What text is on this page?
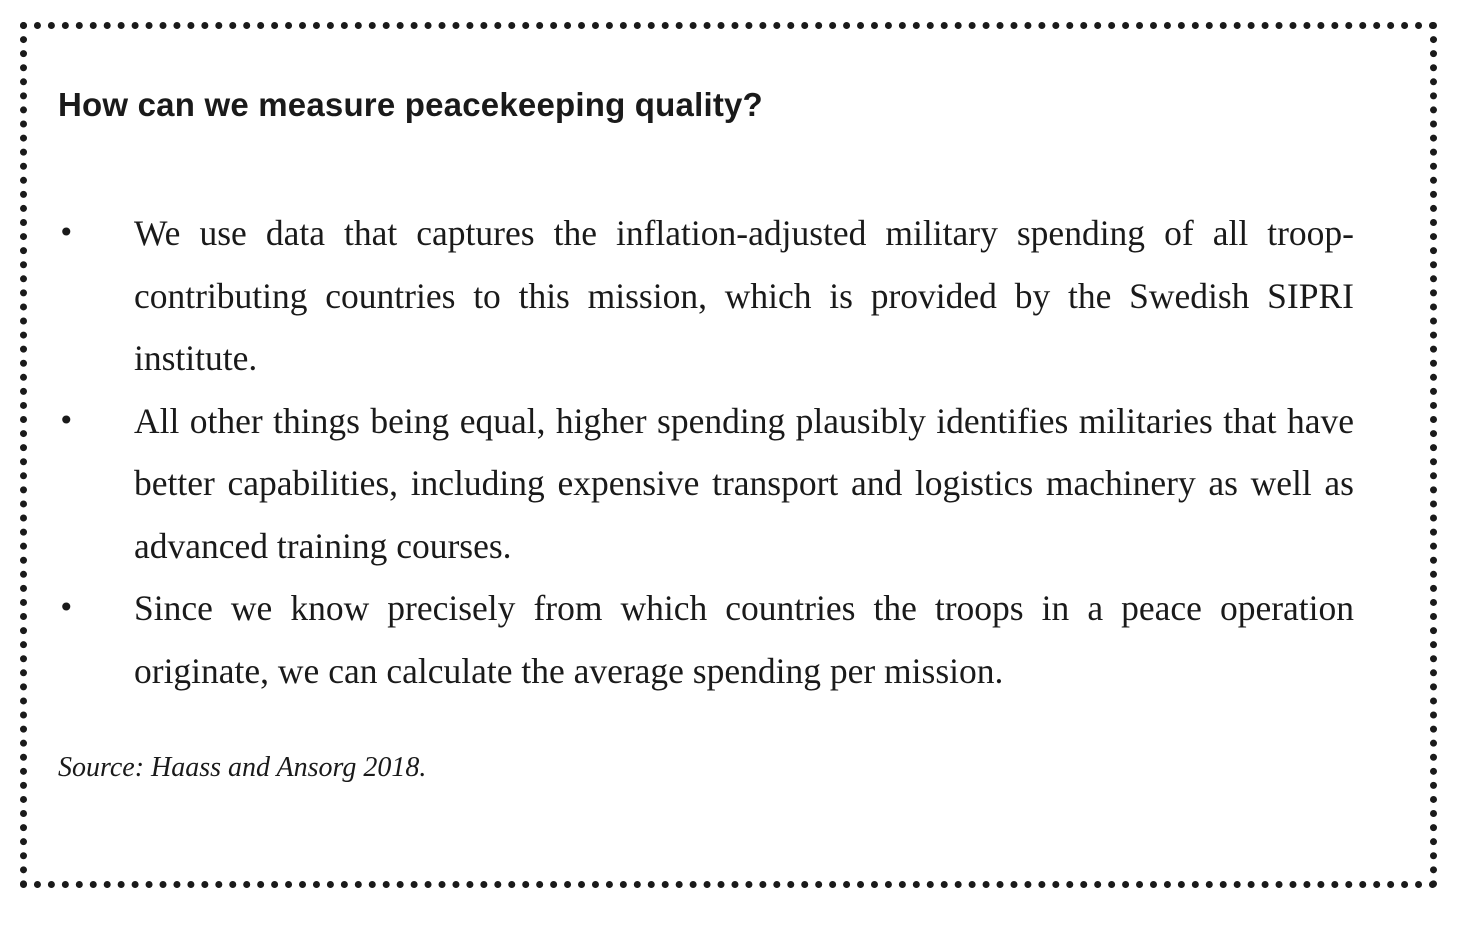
How can we measure peacekeeping quality?
•	We use data that captures the inflation-adjusted military spending of all troop-contributing countries to this mission, which is provided by the Swedish SIPRI institute.
•	All other things being equal, higher spending plausibly identifies militaries that have better capabilities, including expensive transport and logistics machinery as well as advanced training courses.
•	Since we know precisely from which countries the troops in a peace operation originate, we can calculate the average spending per mission.

Source: Haass and Ansorg 2018.
